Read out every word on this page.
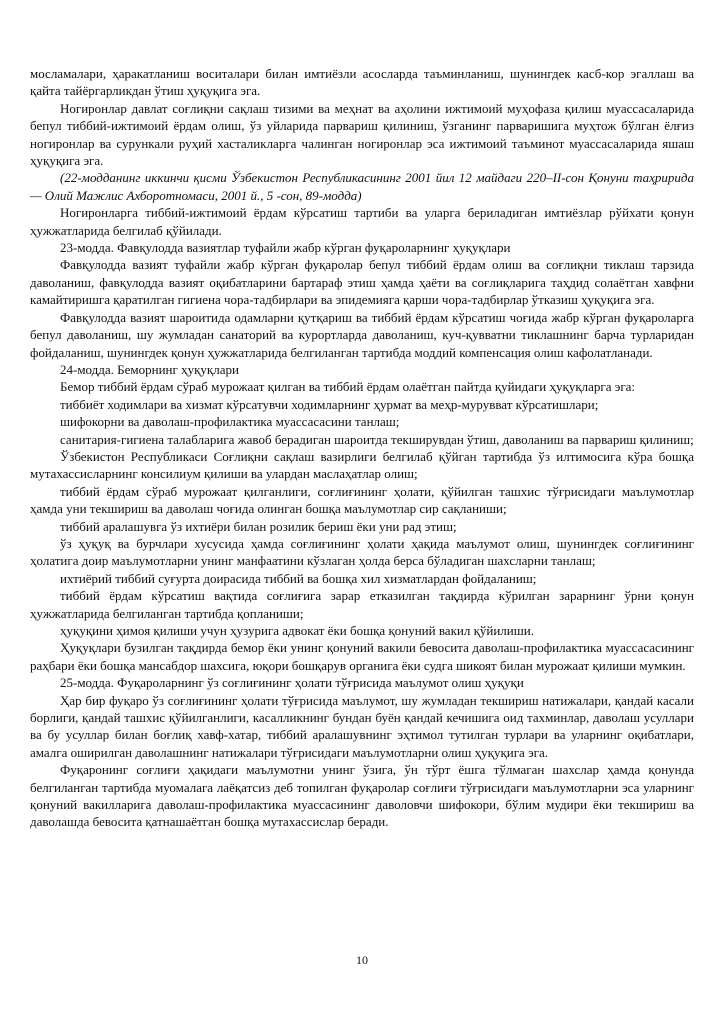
мосламалари, ҳаракатланиш воситалари билан имтиёзли асосларда таъминланиш, шунингдек касб-кор эгаллаш ва қайта тайёргарликдан ўтиш ҳуқуқига эга.

Ногиронлар давлат соғлиқни сақлаш тизими ва меҳнат ва аҳолини ижтимоий муҳофаза қилиш муассасаларида бепул тиббий-ижтимоий ёрдам олиш, ўз уйларида парвариш қилиниш, ўзганинг парваришига муҳтож бўлган ёлғиз ногиронлар ва сурункали руҳий хасталикларга чалинган ногиронлар эса ижтимоий таъминот муассасаларида яшаш ҳуқуқига эга.

(22-модданинг иккинчи қисми Ўзбекистон Республикасининг 2001 йил 12 майдаги 220–II-сон Қонуни таҳририда — Олий Мажлис Ахборотномаси, 2001 й., 5 -сон, 89-модда)

Ногиронларга тиббий-ижтимоий ёрдам кўрсатиш тартиби ва уларга бериладиган имтиёзлар рўйхати қонун ҳужжатларида белгилаб қўйилади.

23-модда. Фавқулодда вазиятлар туфайли жабр кўрган фуқароларнинг ҳуқуқлари

Фавқулодда вазият туфайли жабр кўрган фуқаролар бепул тиббий ёрдам олиш ва соғлиқни тиклаш тарзида даволаниш, фавқулодда вазият оқибатларини бартараф этиш ҳамда ҳаёти ва соғлиқларига таҳдид солаётган хавфни камайтиришга қаратилган гигиена чора-тадбирлари ва эпидемияга қарши чора-тадбирлар ўтказиш ҳуқуқига эга.

Фавқулодда вазият шароитида одамларни қутқариш ва тиббий ёрдам кўрсатиш чоғида жабр кўрган фуқароларга бепул даволаниш, шу жумладан санаторий ва курортларда даволаниш, куч-қувватни тиклашнинг барча турларидан фойдаланиш, шунингдек қонун ҳужжатларида белгиланган тартибда моддий компенсация олиш кафолатланади.

24-модда. Беморнинг ҳуқуқлари

Бемор тиббий ёрдам сўраб мурожаат қилган ва тиббий ёрдам олаётган пайтда қуйидаги ҳуқуқларга эга:

тиббиёт ходимлари ва хизмат кўрсатувчи ходимларнинг ҳурмат ва меҳр-мурувват кўрсатишлари;

шифокорни ва даволаш-профилактика муассасасини танлаш;

санитария-гигиена талабларига жавоб берадиган шароитда текширувдан ўтиш, даволаниш ва парвариш қилиниш;

Ўзбекистон Республикаси Соғлиқни сақлаш вазирлиги белгилаб қўйган тартибда ўз илтимосига кўра бошқа мутахассисларнинг консилиум қилиши ва улардан маслаҳатлар олиш;

тиббий ёрдам сўраб мурожаат қилганлиги, соғлиғининг ҳолати, қўйилган ташхис тўғрисидаги маълумотлар ҳамда уни текшириш ва даволаш чоғида олинган бошқа маълумотлар сир сақланиши;

тиббий аралашувга ўз ихтиёри билан розилик бериш ёки уни рад этиш;

ўз ҳуқуқ ва бурчлари хусусида ҳамда соғлиғининг ҳолати ҳақида маълумот олиш, шунингдек соғлиғининг ҳолатига доир маълумотларни унинг манфаатини кўзлаган ҳолда берса бўладиган шахсларни танлаш;

ихтиёрий тиббий суғурта доирасида тиббий ва бошқа хил хизматлардан фойдаланиш;

тиббий ёрдам кўрсатиш вақтида соғлиғига зарар етказилган тақдирда кўрилган зарарнинг ўрни қонун ҳужжатларида белгиланган тартибда қопланиши;

ҳуқуқини ҳимоя қилиши учун ҳузурига адвокат ёки бошқа қонуний вакил қўйилиши.

Ҳуқуқлари бузилган тақдирда бемор ёки унинг қонуний вакили бевосита даволаш-профилактика муассасасининг раҳбари ёки бошқа мансабдор шахсига, юқори бошқарув органига ёки судга шикоят билан мурожаат қилиши мумкин.

25-модда. Фуқароларнинг ўз соғлиғининг ҳолати тўғрисида маълумот олиш ҳуқуқи

Ҳар бир фуқаро ўз соғлиғининг ҳолати тўғрисида маълумот, шу жумладан текшириш натижалари, қандай касали борлиги, қандай ташхис қўйилганлиги, касалликнинг бундан буён қандай кечишига оид тахминлар, даволаш усуллари ва бу усуллар билан боғлиқ хавф-хатар, тиббий аралашувнинг эҳтимол тутилган турлари ва уларнинг оқибатлари, амалга оширилган даволашнинг натижалари тўғрисидаги маълумотларни олиш ҳуқуқига эга.

Фуқаронинг соғлиғи ҳақидаги маълумотни унинг ўзига, ўн тўрт ёшга тўлмаган шахслар ҳамда қонунда белгиланган тартибда муомалага лаёқатсиз деб топилган фуқаролар соғлиғи тўғрисидаги маълумотларни эса уларнинг қонуний вакилларига даволаш-профилактика муассасининг даволовчи шифокори, бўлим мудири ёки текшириш ва даволашда бевосита қатнашаётган бошқа мутахассислар беради.

10
